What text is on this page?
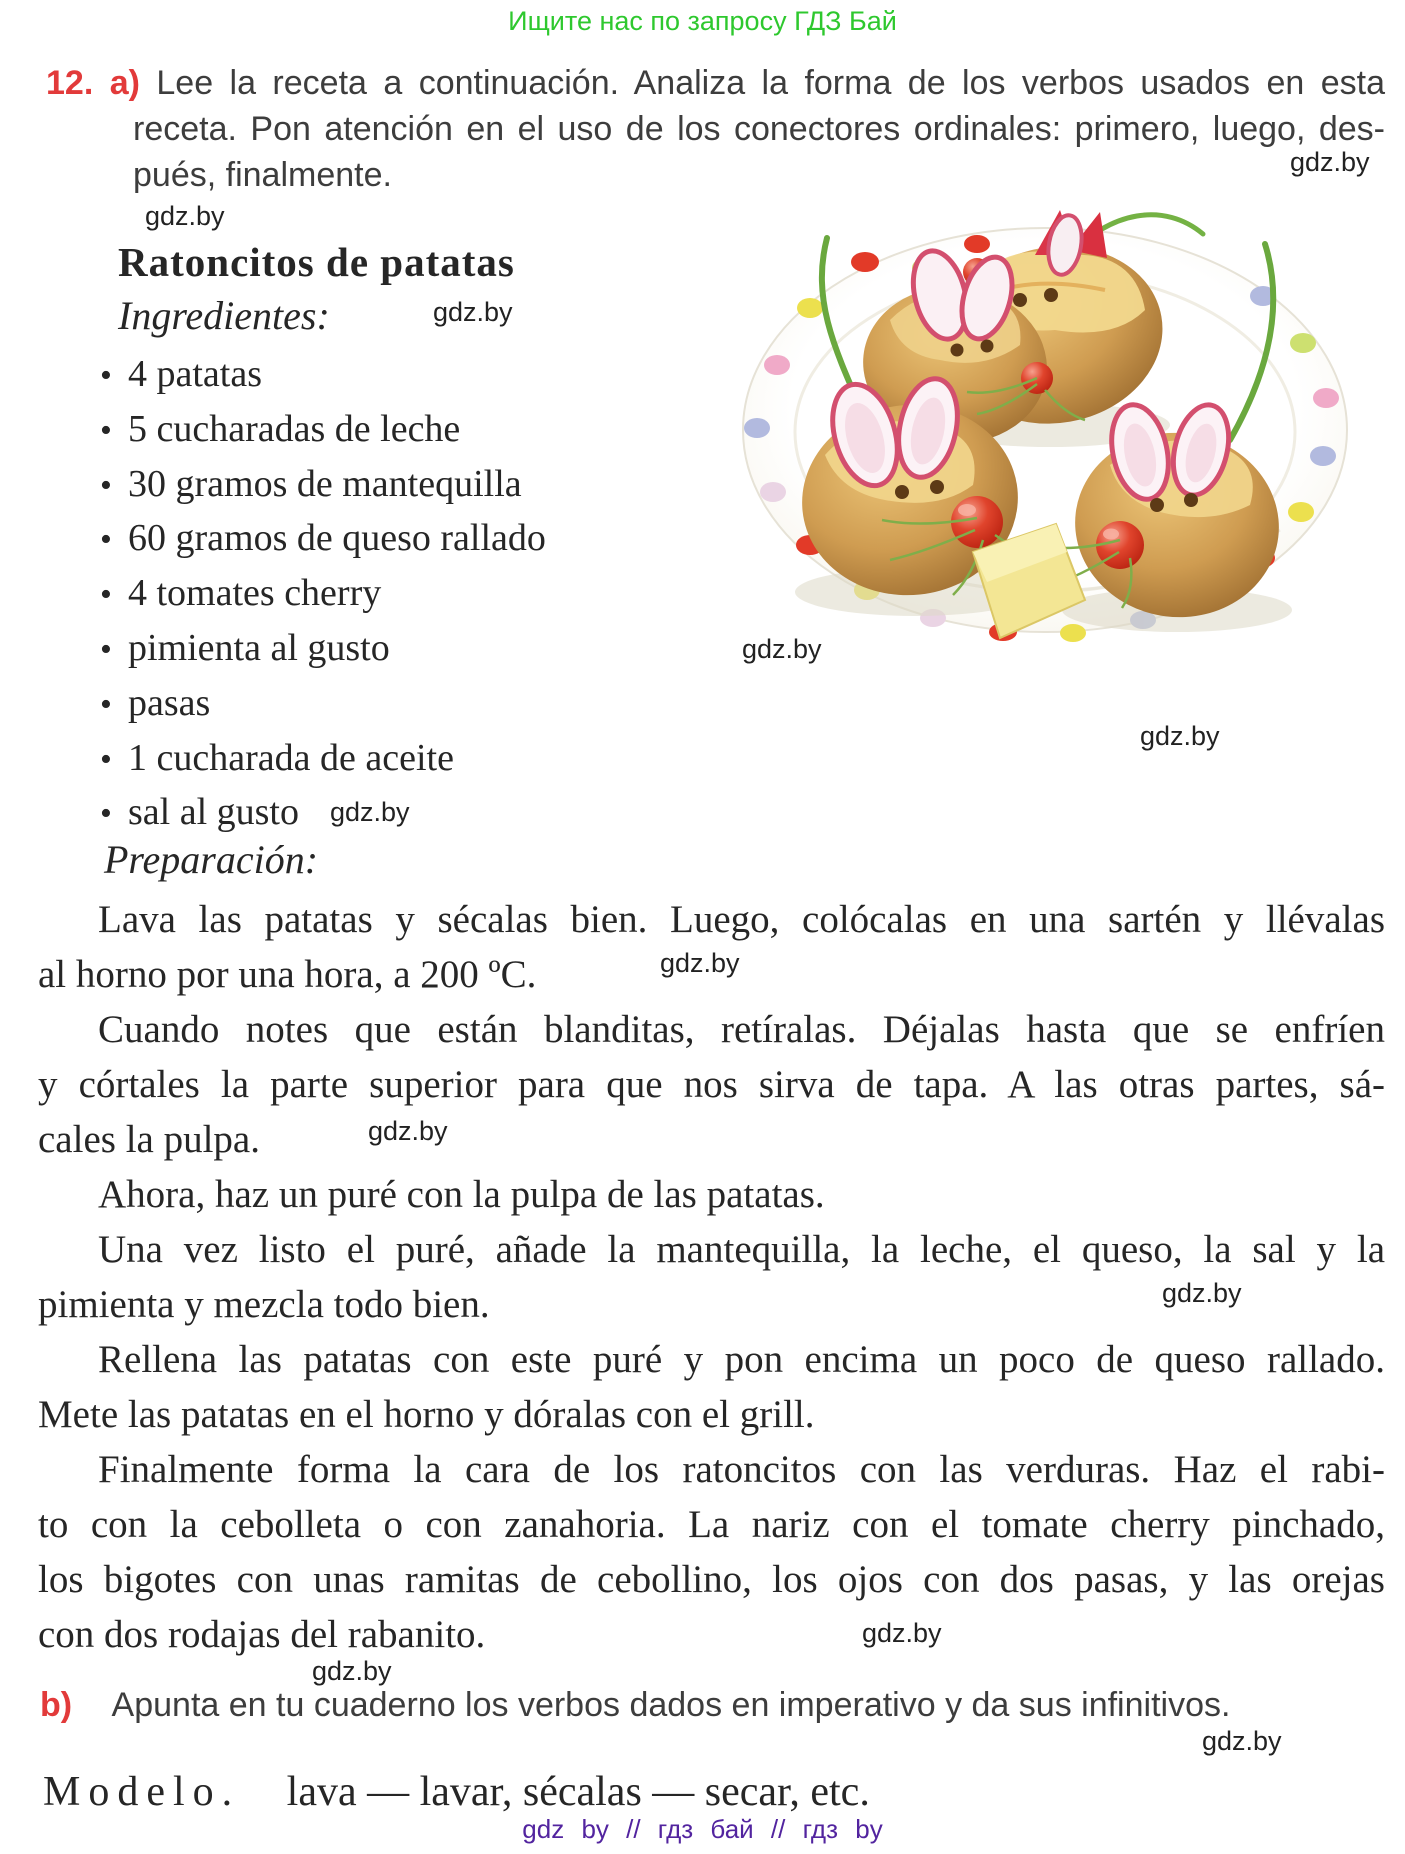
Ищите нас по запросу ГДЗ Бай
12. a) Lee la receta a continuación. Analiza la forma de los verbos usados en esta
receta. Pon atención en el uso de los conectores ordinales: primero, luego, des-
pués, finalmente.
Ratoncitos de patatas
Ingredientes:
• 4 patatas
• 5 cucharadas de leche
• 30 gramos de mantequilla
• 60 gramos de queso rallado
• 4 tomates cherry
• pimienta al gusto
• pasas
• 1 cucharada de aceite
• sal al gusto
Preparación:
Lava las patatas y sécalas bien. Luego, colócalas en una sartén y llévalas
al horno por una hora, a 200 ºC.
Cuando notes que están blanditas, retíralas. Déjalas hasta que se enfríen
y córtales la parte superior para que nos sirva de tapa. A las otras partes, sá-
cales la pulpa.
Ahora, haz un puré con la pulpa de las patatas.
Una vez listo el puré, añade la mantequilla, la leche, el queso, la sal y la
pimienta y mezcla todo bien.
Rellena las patatas con este puré y pon encima un poco de queso rallado.
Mete las patatas en el horno y dóralas con el grill.
Finalmente forma la cara de los ratoncitos con las verduras. Haz el rabi-
to con la cebolleta o con zanahoria. La nariz con el tomate cherry pinchado,
los bigotes con unas ramitas de cebollino, los ojos con dos pasas, y las orejas
con dos rodajas del rabanito.
b) Apunta en tu cuaderno los verbos dados en imperativo y da sus infinitivos.
Modelo. lava — lavar, sécalas — secar, etc.
gdz by // гдз бай // гдз by
gdz.by
gdz.by
gdz.by
gdz.by
gdz.by
gdz.by
gdz.by
gdz.by
gdz.by
gdz.by
gdz.by
gdz.by
